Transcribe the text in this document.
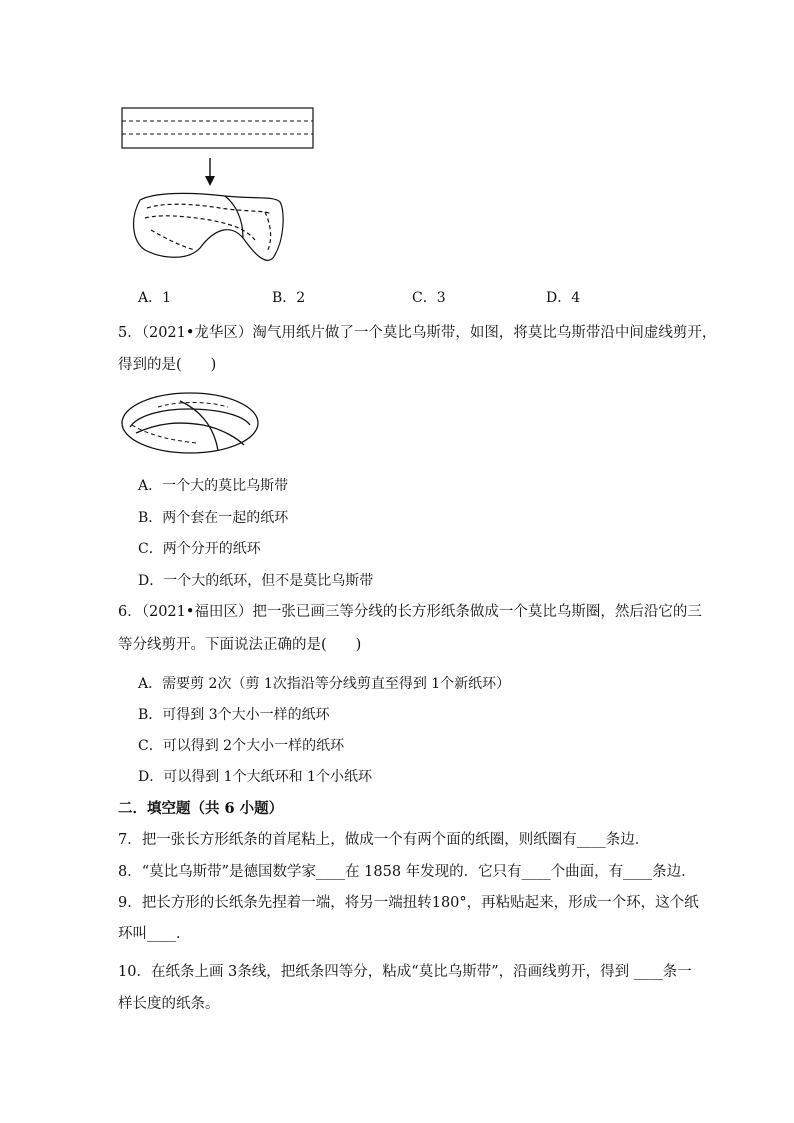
A．1	B．2	C．3	D．4
5．（2021•龙华区）淘气用纸片做了一个莫比乌斯带，如图，将莫比乌斯带沿中间虚线剪开，
得到的是(　　)
A．一个大的莫比乌斯带
B．两个套在一起的纸环
C．两个分开的纸环
D．一个大的纸环，但不是莫比乌斯带
6．（2021•福田区）把一张已画三等分线的长方形纸条做成一个莫比乌斯圈，然后沿它的三
等分线剪开。下面说法正确的是(　　)
A．需要剪 2次（剪 1次指沿等分线剪直至得到 1个新纸环）
B．可得到 3个大小一样的纸环
C．可以得到 2个大小一样的纸环
D．可以得到 1个大纸环和 1个小纸环
二．填空题（共 6 小题）
7．把一张长方形纸条的首尾粘上，做成一个有两个面的纸圈，则纸圈有____条边．
8．“莫比乌斯带”是德国数学家____在 1858 年发现的．它只有____个曲面，有____条边．
9．把长方形的长纸条先捏着一端，将另一端扭转180°，再粘贴起来，形成一个环，这个纸
环叫____．
10．在纸条上画 3条线，把纸条四等分，粘成“莫比乌斯带”，沿画线剪开，得到 ____条一
样长度的纸条。
